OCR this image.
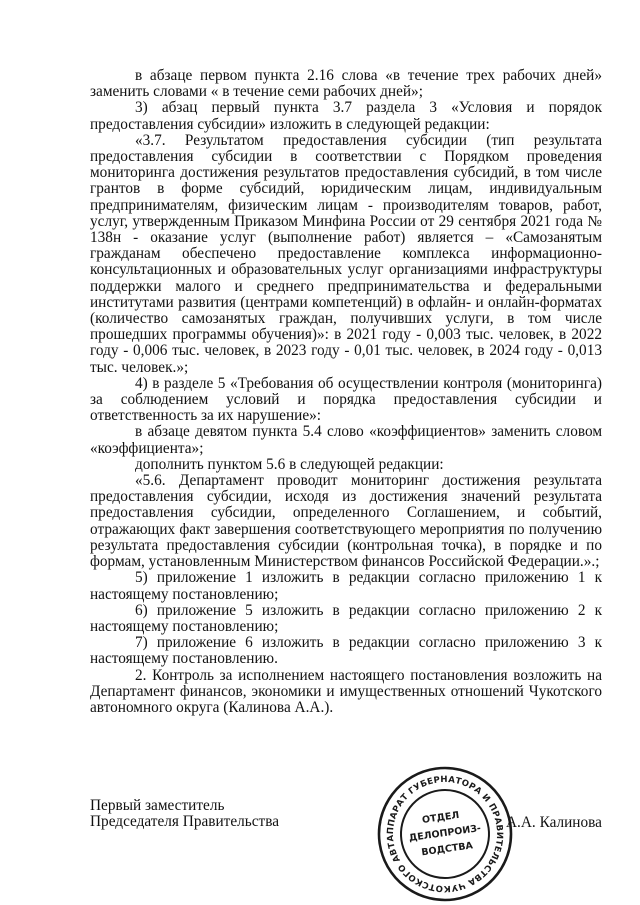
в абзаце первом пункта 2.16 слова «в течение трех рабочих дней» заменить словами « в течение семи рабочих дней»;

3) абзац первый пункта 3.7 раздела 3 «Условия и порядок предоставления субсидии» изложить в следующей редакции:

«3.7. Результатом предоставления субсидии (тип результата предоставления субсидии в соответствии с Порядком проведения мониторинга достижения результатов предоставления субсидий, в том числе грантов в форме субсидий, юридическим лицам, индивидуальным предпринимателям, физическим лицам - производителям товаров, работ, услуг, утвержденным Приказом Минфина России от 29 сентября 2021 года № 138н - оказание услуг (выполнение работ) является – «Самозанятым гражданам обеспечено предоставление комплекса информационно-консультационных и образовательных услуг организациями инфраструктуры поддержки малого и среднего предпринимательства и федеральными институтами развития (центрами компетенций) в офлайн- и онлайн-форматах (количество самозанятых граждан, получивших услуги, в том числе прошедших программы обучения)»: в 2021 году - 0,003 тыс. человек, в 2022 году - 0,006 тыс. человек, в 2023 году - 0,01 тыс. человек, в 2024 году - 0,013 тыс. человек.»;

4) в разделе 5 «Требования об осуществлении контроля (мониторинга) за соблюдением условий и порядка предоставления субсидии и ответственность за их нарушение»:

в абзаце девятом пункта 5.4 слово «коэффициентов» заменить словом «коэффициента»;

дополнить пунктом 5.6 в следующей редакции:

«5.6. Департамент проводит мониторинг достижения результата предоставления субсидии, исходя из достижения значений результата предоставления субсидии, определенного Соглашением, и событий, отражающих факт завершения соответствующего мероприятия по получению результата предоставления субсидии (контрольная точка), в порядке и по формам, установленным Министерством финансов Российской Федерации.».;

5) приложение 1 изложить в редакции согласно приложению 1 к настоящему постановлению;

6) приложение 5 изложить в редакции согласно приложению 2 к настоящему постановлению;

7) приложение 6 изложить в редакции согласно приложению 3 к настоящему постановлению.

2. Контроль за исполнением настоящего постановления возложить на Департамент финансов, экономики и имущественных отношений Чукотского автономного округа (Калинова А.А.).

Первый заместитель
Председателя Правительства
АППАРАТ ГУБЕРНАТОРА И ПРАВИТЕЛЬСТВА ЧУКОТСКОГО АВТОНОМНОГО
ОТДЕЛ
ДЕЛОПРОИЗ-
ВОДСТВА
А.А. Калинова
